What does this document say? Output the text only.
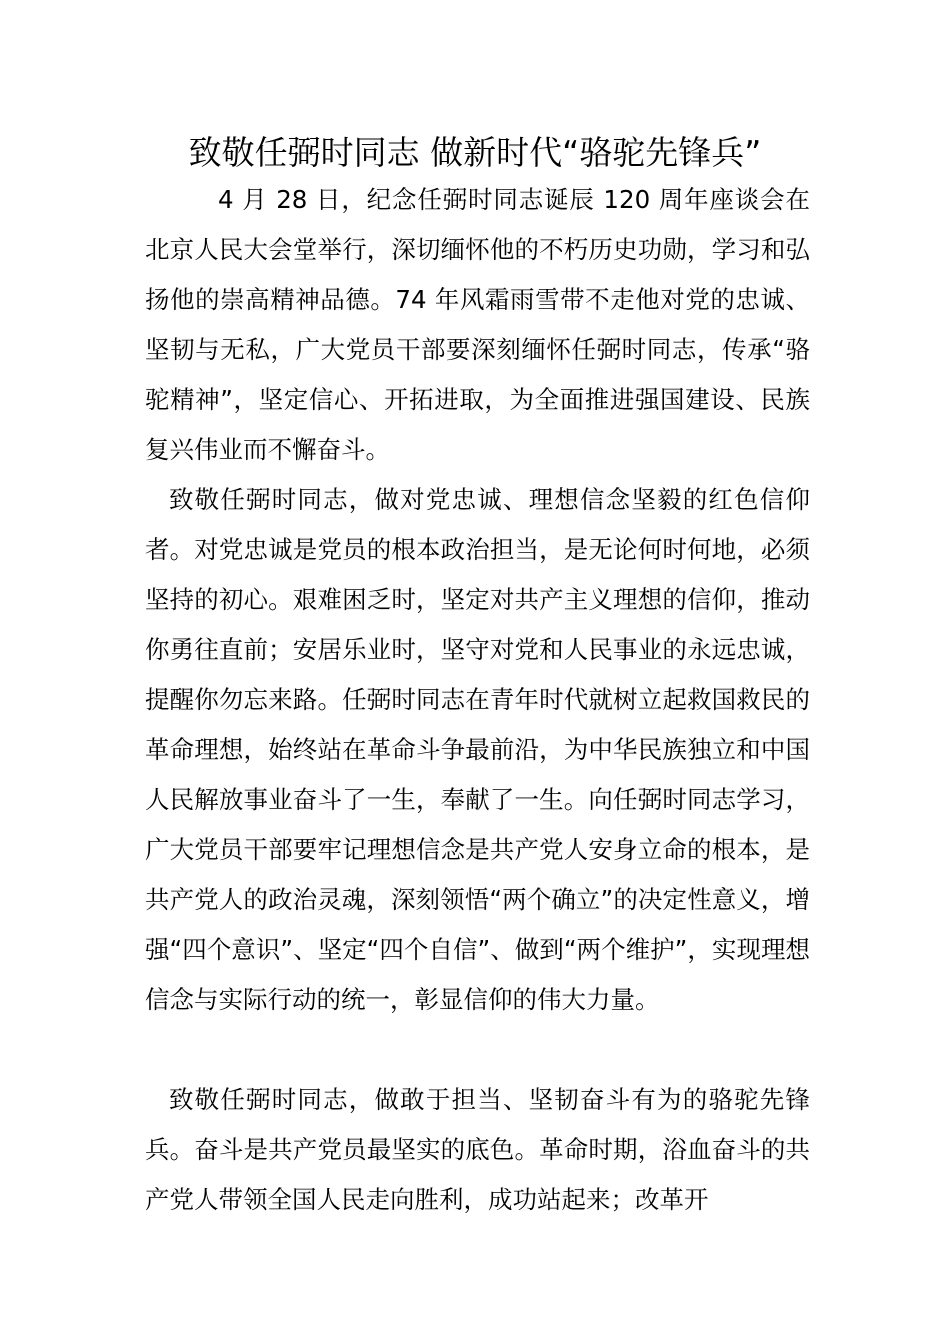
致敬任弼时同志 做新时代“骆驼先锋兵”

4 月 28 日，纪念任弼时同志诞辰 120 周年座谈会在北京人民大会堂举行，深切缅怀他的不朽历史功勋，学习和弘扬他的崇高精神品德。74 年风霜雨雪带不走他对党的忠诚、坚韧与无私，广大党员干部要深刻缅怀任弼时同志，传承“骆驼精神”，坚定信心、开拓进取，为全面推进强国建设、民族复兴伟业而不懈奋斗。

致敬任弼时同志，做对党忠诚、理想信念坚毅的红色信仰者。对党忠诚是党员的根本政治担当，是无论何时何地，必须坚持的初心。艰难困乏时，坚定对共产主义理想的信仰，推动你勇往直前；安居乐业时，坚守对党和人民事业的永远忠诚，提醒你勿忘来路。任弼时同志在青年时代就树立起救国救民的革命理想，始终站在革命斗争最前沿，为中华民族独立和中国人民解放事业奋斗了一生，奉献了一生。向任弼时同志学习，广大党员干部要牢记理想信念是共产党人安身立命的根本，是共产党人的政治灵魂，深刻领悟“两个确立”的决定性意义，增强“四个意识”、坚定“四个自信”、做到“两个维护”，实现理想信念与实际行动的统一，彰显信仰的伟大力量。

致敬任弼时同志，做敢于担当、坚韧奋斗有为的骆驼先锋兵。奋斗是共产党员最坚实的底色。革命时期，浴血奋斗的共产党人带领全国人民走向胜利，成功站起来；改革开
